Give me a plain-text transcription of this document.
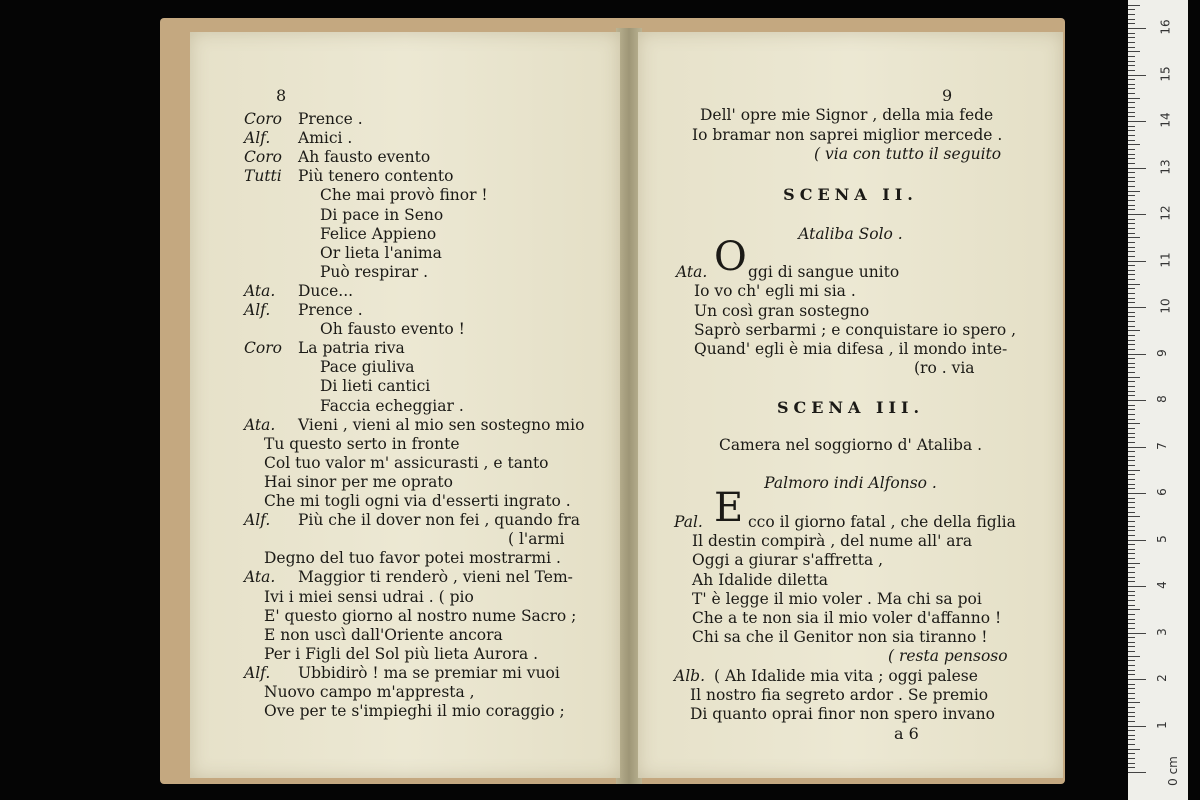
8
Coro Prence .
Alf. Amici .
Coro Ah fausto evento
Tutti Più tenero contento
Che mai provò finor !
Di pace in Seno
Felice Appieno
Or lieta l'anima
Può respirar .
Ata. Duce...
Alf. Prence .
Oh fausto evento !
Coro La patria riva
Pace giuliva
Di lieti cantici
Faccia echeggiar .
Ata. Vieni , vieni al mio sen sostegno mio
Tu questo serto in fronte
Col tuo valor m' assicurasti , e tanto
Hai sinor per me oprato
Che mi togli ogni via d'esserti ingrato .
Alf. Più che il dover non fei , quando fra
( l'armi
Degno del tuo favor potei mostrarmi .
Ata. Maggior ti renderò , vieni nel Tem-
Ivi i miei sensi udrai . ( pio
E' questo giorno al nostro nume Sacro ;
E non uscì dall'Oriente ancora
Per i Figli del Sol più lieta Aurora .
Alf. Ubbidirò ! ma se premiar mi vuoi
Nuovo campo m'appresta ,
Ove per te s'impieghi il mio coraggio ;
9
Dell' opre mie Signor , della mia fede
Io bramar non saprei miglior mercede .
( via con tutto il seguito
SCENA II.
Ataliba Solo .
Ata. O ggi di sangue unito
Io vo ch' egli mi sia .
Un così gran sostegno
Saprò serbarmi ; e conquistare io spero ,
Quand' egli è mia difesa , il mondo inte-
(ro . via
SCENA III.
Camera nel soggiorno d' Ataliba .
Palmoro indi Alfonso .
Pal. E cco il giorno fatal , che della figlia
Il destin compirà , del nume all' ara
Oggi a giurar s'affretta ,
Ah Idalide diletta
T' è legge il mio voler . Ma chi sa poi
Che a te non sia il mio voler d'affanno !
Chi sa che il Genitor non sia tiranno !
( resta pensoso
Alb. ( Ah Idalide mia vita ; oggi palese
Il nostro fia segreto ardor . Se premio
Di quanto oprai finor non spero invano
a 6
0 cm
1
2
3
4
5
6
7
8
9
10
11
12
13
14
15
16
